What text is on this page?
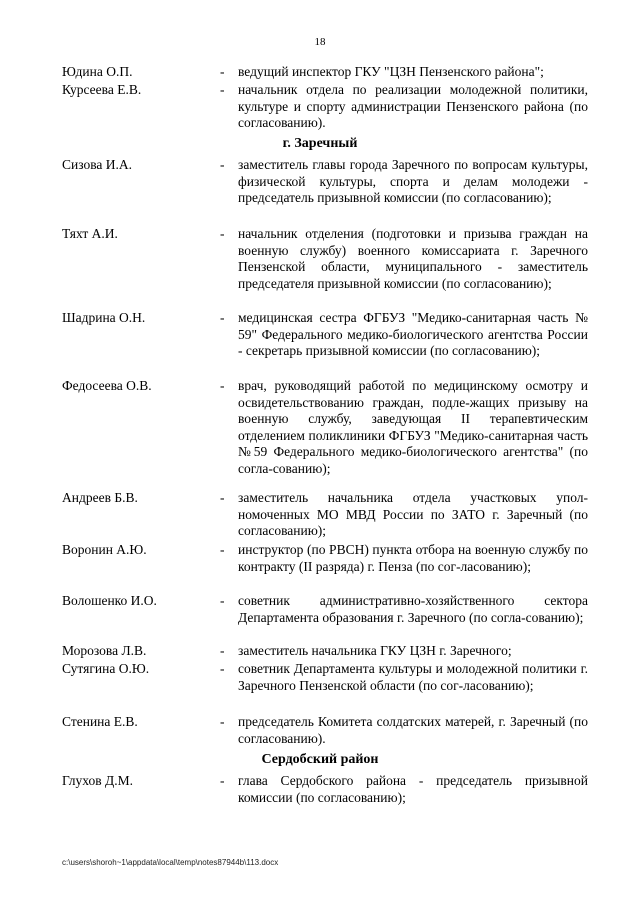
18
Юдина О.П.	- ведущий инспектор ГКУ "ЦЗН Пензенского района";
Курсеева Е.В.	- начальник отдела по реализации молодежной политики, культуре и спорту администрации Пензенского района (по согласованию).
г. Заречный
Сизова И.А.	- заместитель главы города Заречного по вопросам культуры, физической культуры, спорта и делам молодежи - председатель призывной комиссии (по согласованию);
Тяхт А.И.	- начальник отделения (подготовки и призыва граждан на военную службу) военного комиссариата г. Заречного Пензенской области, муниципального - заместитель председателя призывной комиссии (по согласованию);
Шадрина О.Н.	- медицинская сестра ФГБУЗ "Медико-санитарная часть № 59" Федерального медико-биологического агентства России - секретарь призывной комиссии (по согласованию);
Федосеева О.В.	- врач, руководящий работой по медицинскому осмотру и освидетельствованию граждан, подле-жащих призыву на военную службу, заведующая II терапевтическим отделением поликлиники ФГБУЗ "Медико-санитарная часть №59 Федерального медико-биологического агентства" (по согла-сованию);
Андреев Б.В.	- заместитель начальника отдела участковых упол-номоченных МО МВД России по ЗАТО г. Заречный (по согласованию);
Воронин А.Ю.	- инструктор (по РВСН) пункта отбора на военную службу по контракту (II разряда) г. Пенза (по сог-ласованию);
Волошенко И.О.	- советник административно-хозяйственного сектора Департамента образования г. Заречного (по согла-сованию);
Морозова Л.В.	- заместитель начальника ГКУ ЦЗН г. Заречного;
Сутягина О.Ю.	- советник Департамента культуры и молодежной политики г. Заречного Пензенской области (по сог-ласованию);
Стенина Е.В.	- председатель Комитета солдатских матерей, г. Заречный (по согласованию).
Сердобский район
Глухов Д.М.	- глава Сердобского района - председатель призывной комиссии (по согласованию);
c:\users\shoroh~1\appdata\local\temp\notes87944b\113.docx
